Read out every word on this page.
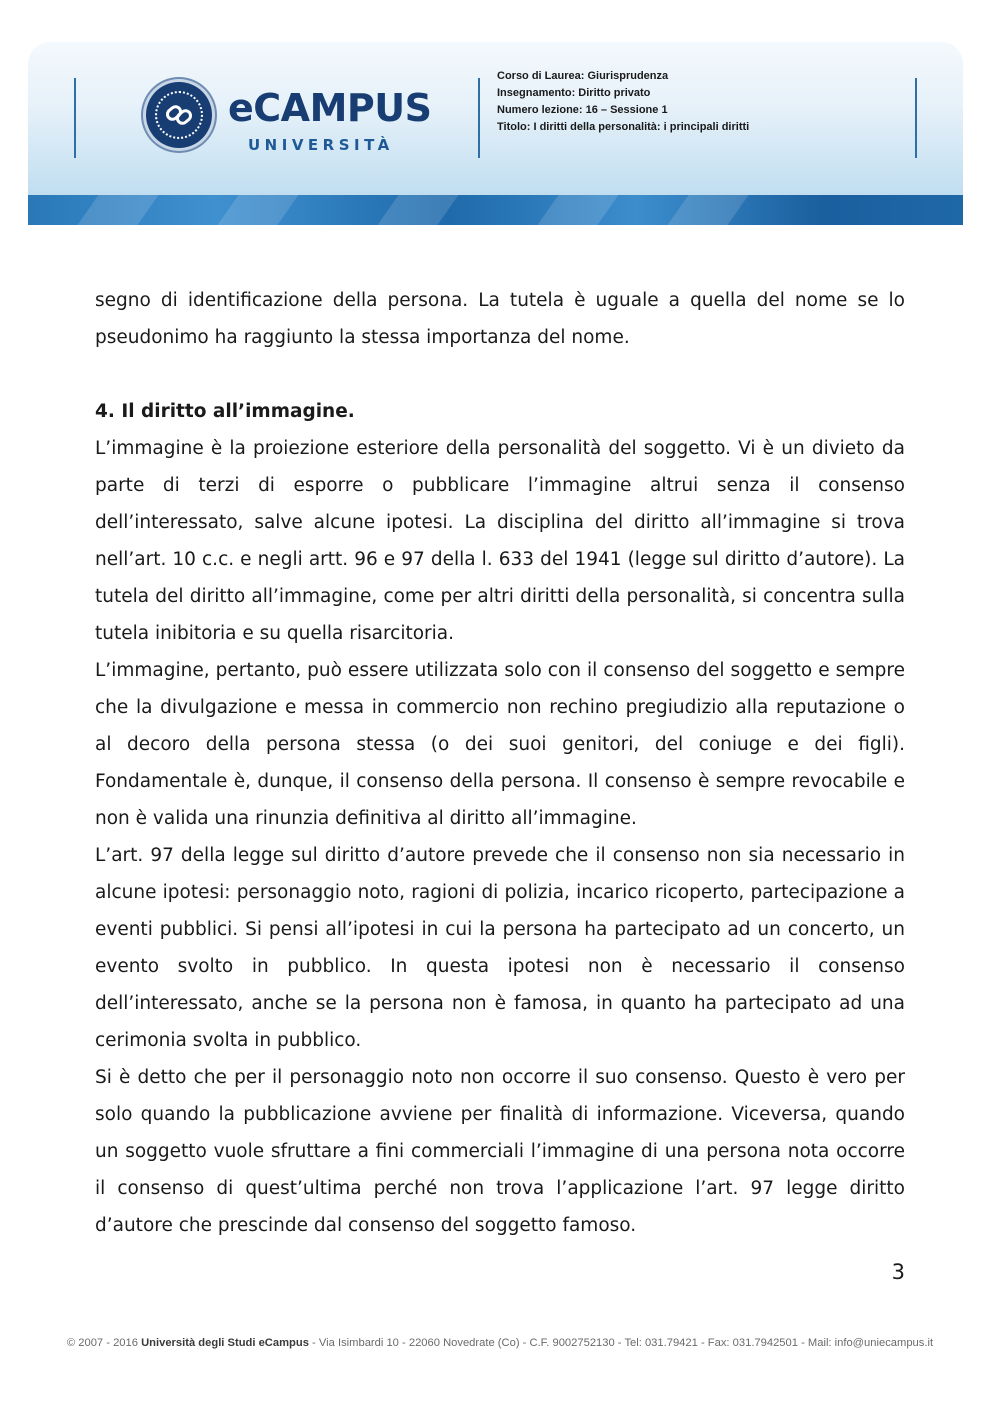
eCAMPUS
UNIVERSITÀ
Corso di Laurea: Giurisprudenza
Insegnamento: Diritto privato
Numero lezione: 16 – Sessione 1
Titolo: I diritti della personalità: i principali diritti
Giurisprudenza

segno di identificazione della persona. La tutela è uguale a quella del nome se lo pseudonimo ha raggiunto la stessa importanza del nome.

4. Il diritto all’immagine.

L’immagine è la proiezione esteriore della personalità del soggetto. Vi è un divieto da parte di terzi di esporre o pubblicare l’immagine altrui senza il consenso dell’interessato, salve alcune ipotesi. La disciplina del diritto all’immagine si trova nell’art. 10 c.c. e negli artt. 96 e 97 della l. 633 del 1941 (legge sul diritto d’autore). La tutela del diritto all’immagine, come per altri diritti della personalità, si concentra sulla tutela inibitoria e su quella risarcitoria.

L’immagine, pertanto, può essere utilizzata solo con il consenso del soggetto e sempre che la divulgazione e messa in commercio non rechino pregiudizio alla reputazione o al decoro della persona stessa (o dei suoi genitori, del coniuge e dei figli). Fondamentale è, dunque, il consenso della persona. Il consenso è sempre revocabile e non è valida una rinunzia definitiva al diritto all’immagine.

L’art. 97 della legge sul diritto d’autore prevede che il consenso non sia necessario in alcune ipotesi: personaggio noto, ragioni di polizia, incarico ricoperto, partecipazione a eventi pubblici. Si pensi all’ipotesi in cui la persona ha partecipato ad un concerto, un evento svolto in pubblico. In questa ipotesi non è necessario il consenso dell’interessato, anche se la persona non è famosa, in quanto ha partecipato ad una cerimonia svolta in pubblico.

Si è detto che per il personaggio noto non occorre il suo consenso. Questo è vero per solo quando la pubblicazione avviene per finalità di informazione. Viceversa, quando un soggetto vuole sfruttare a fini commerciali l’immagine di una persona nota occorre il consenso di quest’ultima perché non trova l’applicazione l’art. 97 legge diritto d’autore che prescinde dal consenso del soggetto famoso.

3
© 2007 - 2016 Università degli Studi eCampus - Via Isimbardi 10 - 22060 Novedrate (Co) - C.F. 9002752130 - Tel: 031.79421 - Fax: 031.7942501 - Mail: info@uniecampus.it
